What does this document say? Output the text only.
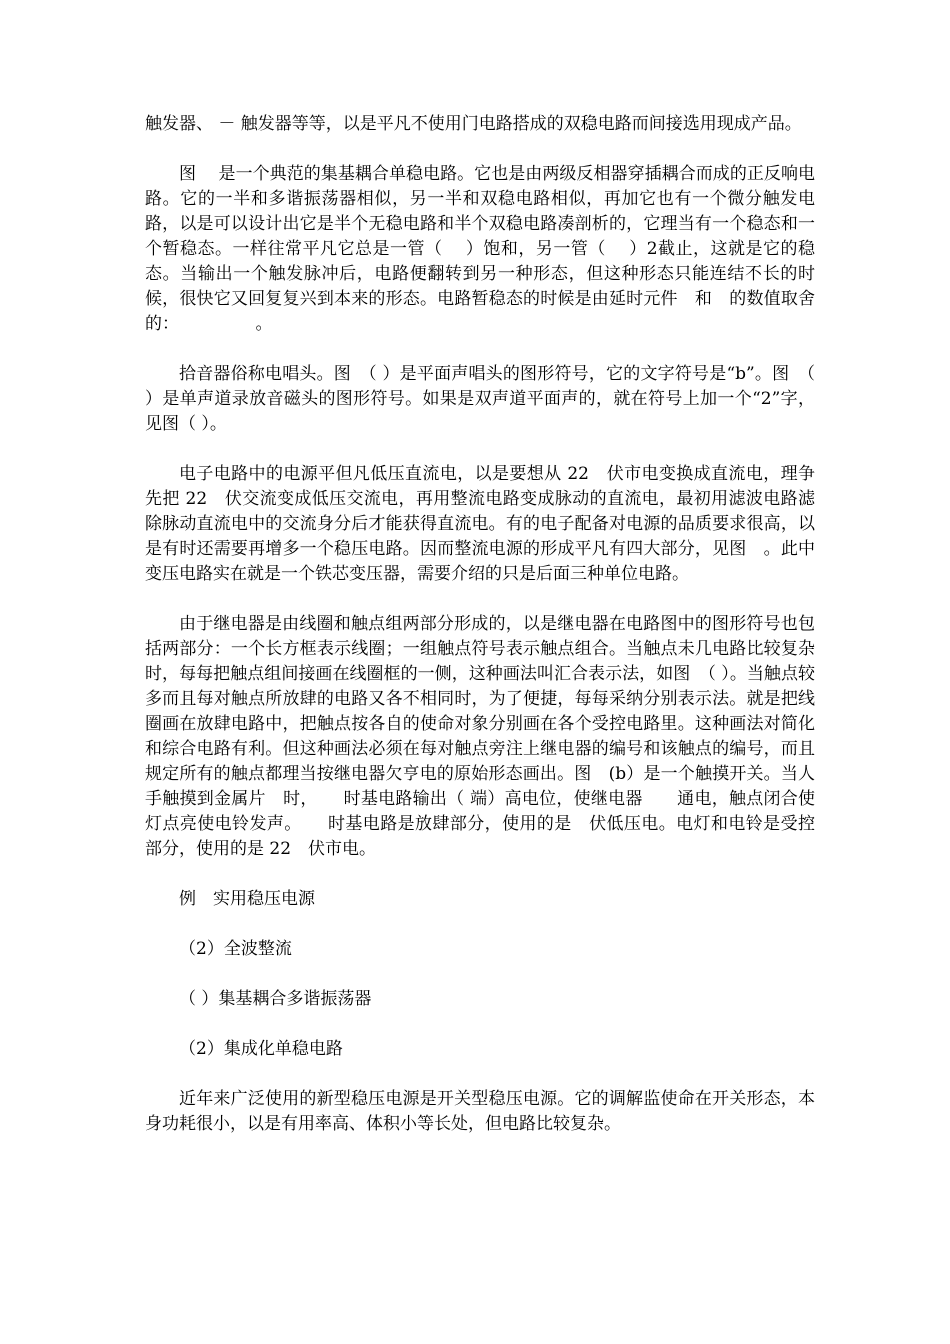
触发器、 － 触发器等等，以是平凡不使用门电路搭成的双稳电路而间接选用现成产品。

图　 是一个典范的集基耦合单稳电路。它也是由两级反相器穿插耦合而成的正反响电路。它的一半和多谐振荡器相似，另一半和双稳电路相似，再加它也有一个微分触发电路，以是可以设计出它是半个无稳电路和半个双稳电路凑剖析的，它理当有一个稳态和一个暂稳态。一样往常平凡它总是一管（　 ）饱和，另一管（　 ）2截止，这就是它的稳态。当输出一个触发脉冲后，电路便翻转到另一种形态，但这种形态只能连结不长的时候，很快它又回复复兴到本来的形态。电路暂稳态的时候是由延时元件　和　的数值取舍的：　　　　　。

拾音器俗称电唱头。图　（ ）是平面声唱头的图形符号，它的文字符号是“b”。图　（ ）是单声道录放音磁头的图形符号。如果是双声道平面声的，就在符号上加一个“2”字，见图（ ）。

电子电路中的电源平但凡低压直流电，以是要想从 22　伏市电变换成直流电，理争先把 22　伏交流变成低压交流电，再用整流电路变成脉动的直流电，最初用滤波电路滤除脉动直流电中的交流身分后才能获得直流电。有的电子配备对电源的品质要求很高，以是有时还需要再增多一个稳压电路。因而整流电源的形成平凡有四大部分，见图　。此中变压电路实在就是一个铁芯变压器，需要介绍的只是后面三种单位电路。

由于继电器是由线圈和触点组两部分形成的，以是继电器在电路图中的图形符号也包括两部分：一个长方框表示线圈；一组触点符号表示触点组合。当触点未几电路比较复杂时，每每把触点组间接画在线圈框的一侧，这种画法叫汇合表示法，如图　（ ）。当触点较多而且每对触点所放肆的电路又各不相同时，为了便捷，每每采纳分别表示法。就是把线圈画在放肆电路中，把触点按各自的使命对象分别画在各个受控电路里。这种画法对简化和综合电路有利。但这种画法必须在每对触点旁注上继电器的编号和该触点的编号，而且规定所有的触点都理当按继电器欠亨电的原始形态画出。图　(b）是一个触摸开关。当人手触摸到金属片　时，　　时基电路输出（ 端）高电位，使继电器　　通电，触点闭合使灯点亮使电铃发声。　　时基电路是放肆部分，使用的是　伏低压电。电灯和电铃是受控部分，使用的是 22　伏市电。

例　实用稳压电源

（2）全波整流

（ ）集基耦合多谐振荡器

（2）集成化单稳电路

近年来广泛使用的新型稳压电源是开关型稳压电源。它的调解监使命在开关形态，本身功耗很小，以是有用率高、体积小等长处，但电路比较复杂。
